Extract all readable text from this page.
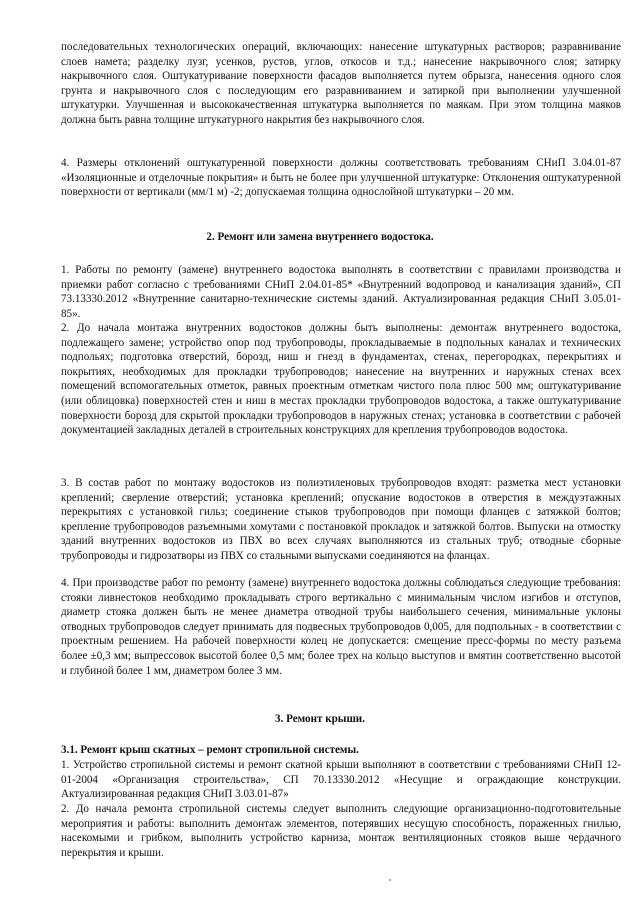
последовательных технологических операций, включающих: нанесение штукатурных растворов; разравнивание слоев намета; разделку лузг, усенков, рустов, углов, откосов и т.д.; нанесение накрывочного слоя; затирку накрывочного слоя. Оштукатуривание поверхности фасадов выполняется путем обрызга, нанесения одного слоя грунта и накрывочного слоя с последующим его разравниванием и затиркой при выполнении улучшенной штукатурки. Улучшенная и высококачественная штукатурка выполняется по маякам. При этом толщина маяков должна быть равна толщине штукатурного накрытия без накрывочного слоя.

4. Размеры отклонений оштукатуренной поверхности должны соответствовать требованиям СНиП 3.04.01-87 «Изоляционные и отделочные покрытия» и быть не более при улучшенной штукатурке: Отклонения оштукатуренной поверхности от вертикали (мм/1 м) -2; допускаемая толщина однослойной штукатурки – 20 мм.

2. Ремонт или замена внутреннего водостока.

1. Работы по ремонту (замене) внутреннего водостока выполнять в соответствии с правилами производства и приемки работ согласно с требованиями СНиП 2.04.01-85* «Внутренний водопровод и канализация зданий», СП 73.13330.2012 «Внутренние санитарно-технические системы зданий. Актуализированная редакция СНиП 3.05.01-85».

2. До начала монтажа внутренних водостоков должны быть выполнены: демонтаж внутреннего водостока, подлежащего замене; устройство опор под трубопроводы, прокладываемые в подпольных каналах и технических подпольях; подготовка отверстий, борозд, ниш и гнезд в фундаментах, стенах, перегородках, перекрытиях и покрытиях, необходимых для прокладки трубопроводов; нанесение на внутренних и наружных стенах всех помещений вспомогательных отметок, равных проектным отметкам чистого пола плюс 500 мм; оштукатуривание (или облицовка) поверхностей стен и ниш в местах прокладки трубопроводов водостока, а также оштукатуривание поверхности борозд для скрытой прокладки трубопроводов в наружных стенах; установка в соответствии с рабочей документацией закладных деталей в строительных конструкциях для крепления трубопроводов водостока.

3. В состав работ по монтажу водостоков из полиэтиленовых трубопроводов входят: разметка мест установки креплений; сверление отверстий; установка креплений; опускание водостоков в отверстия в междуэтажных перекрытиях с установкой гильз; соединение стыков трубопроводов при помощи фланцев с затяжкой болтов; крепление трубопроводов разъемными хомутами с постановкой прокладок и затяжкой болтов. Выпуски на отмостку зданий внутренних водостоков из ПВХ во всех случаях выполняются из стальных труб; отводные сборные трубопроводы и гидрозатворы из ПВХ со стальными выпусками соединяются на фланцах.

4. При производстве работ по ремонту (замене) внутреннего водостока должны соблюдаться следующие требования: стояки ливнестоков необходимо прокладывать строго вертикально с минимальным числом изгибов и отступов, диаметр стояка должен быть не менее диаметра отводной трубы наибольшего сечения, минимальные уклоны отводных трубопроводов следует принимать для подвесных трубопроводов 0,005, для подпольных - в соответствии с проектным решением. На рабочей поверхности колец не допускается: смещение пресс-формы по месту разъема более ±0,3 мм; выпрессовок высотой более 0,5 мм; более трех на кольцо выступов и вмятин соответственно высотой и глубиной более 1 мм, диаметром более 3 мм.

3. Ремонт крыши.

3.1. Ремонт крыш скатных – ремонт стропильной системы.

1. Устройство стропильной системы и ремонт скатной крыши выполняют в соответствии с требованиями СНиП 12-01-2004 «Организация строительства», СП 70.13330.2012 «Несущие и ограждающие конструкции. Актуализированная редакция СНиП 3.03.01-87»

2. До начала ремонта стропильной системы следует выполнить следующие организационно-подготовительные мероприятия и работы: выполнить демонтаж элементов, потерявших несущую способность, пораженных гнилью, насекомыми и грибком, выполнить устройство карниза, монтаж вентиляционных стояков выше чердачного перекрытия и крыши.
